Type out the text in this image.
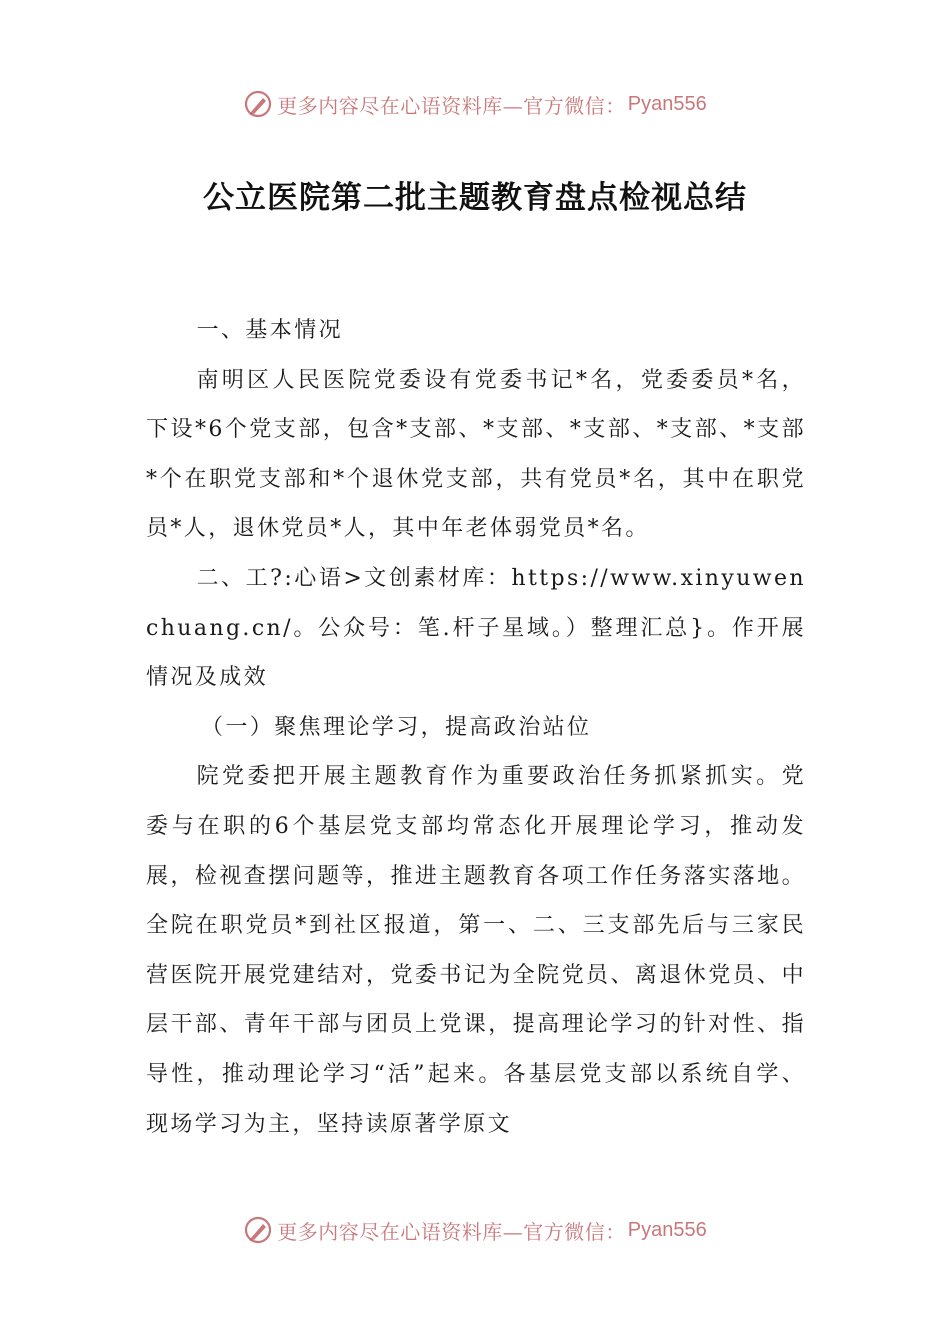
更多内容尽在心语资料库—官方微信： Pyan556
公立医院第二批主题教育盘点检视总结

一、基本情况

南明区人民医院党委设有党委书记*名，党委委员*名，下设*6个党支部，包含*支部、*支部、*支部、*支部、*支部*个在职党支部和*个退休党支部，共有党员*名，其中在职党员*人，退休党员*人，其中年老体弱党员*名。

二、工?:心语>文创素材库：https://www.xinyuwenchuang.cn/。公众号：笔.杆子星域。）整理汇总}。作开展情况及成效

（一）聚焦理论学习，提高政治站位

院党委把开展主题教育作为重要政治任务抓紧抓实。党委与在职的6个基层党支部均常态化开展理论学习，推动发展，检视查摆问题等，推进主题教育各项工作任务落实落地。全院在职党员*到社区报道，第一、二、三支部先后与三家民营医院开展党建结对，党委书记为全院党员、离退休党员、中层干部、青年干部与团员上党课，提高理论学习的针对性、指导性，推动理论学习“活”起来。各基层党支部以系统自学、现场学习为主，坚持读原著学原文

更多内容尽在心语资料库—官方微信： Pyan556
